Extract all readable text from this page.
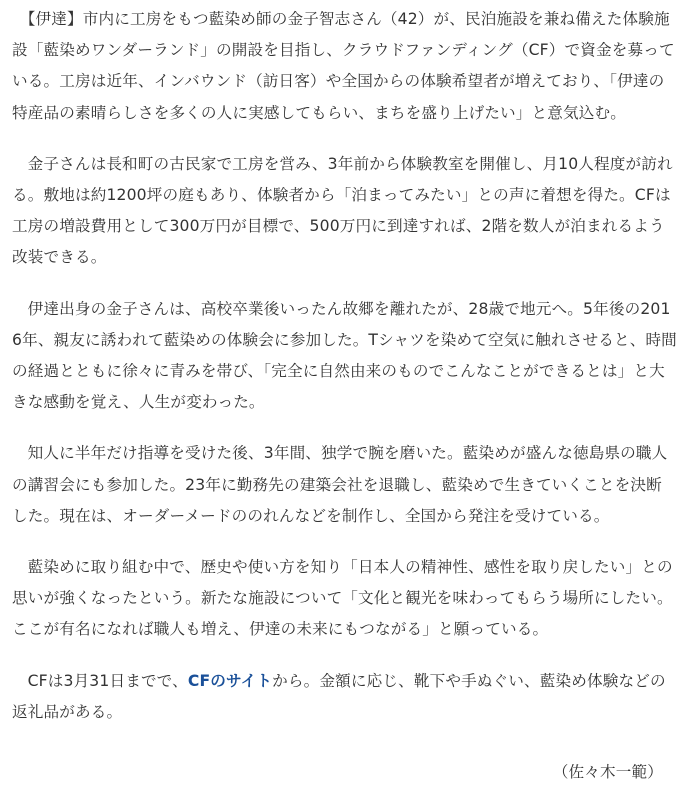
【伊達】市内に工房をもつ藍染め師の金子智志さん（42）が、民泊施設を兼ね備えた体験施設「藍染めワンダーランド」の開設を目指し、クラウドファンディング（CF）で資金を募っている。工房は近年、インバウンド（訪日客）や全国からの体験希望者が増えており、「伊達の特産品の素晴らしさを多くの人に実感してもらい、まちを盛り上げたい」と意気込む。

金子さんは長和町の古民家で工房を営み、3年前から体験教室を開催し、月10人程度が訪れる。敷地は約1200坪の庭もあり、体験者から「泊まってみたい」との声に着想を得た。CFは工房の増設費用として300万円が目標で、500万円に到達すれば、2階を数人が泊まれるよう改装できる。

伊達出身の金子さんは、高校卒業後いったん故郷を離れたが、28歳で地元へ。5年後の2016年、親友に誘われて藍染めの体験会に参加した。Tシャツを染めて空気に触れさせると、時間の経過とともに徐々に青みを帯び、「完全に自然由来のものでこんなことができるとは」と大きな感動を覚え、人生が変わった。

知人に半年だけ指導を受けた後、3年間、独学で腕を磨いた。藍染めが盛んな徳島県の職人の講習会にも参加した。23年に勤務先の建築会社を退職し、藍染めで生きていくことを決断した。現在は、オーダーメードののれんなどを制作し、全国から発注を受けている。

藍染めに取り組む中で、歴史や使い方を知り「日本人の精神性、感性を取り戻したい」との思いが強くなったという。新たな施設について「文化と観光を味わってもらう場所にしたい。ここが有名になれば職人も増え、伊達の未来にもつながる」と願っている。

CFは3月31日までで、CFのサイトから。金額に応じ、靴下や手ぬぐい、藍染め体験などの返礼品がある。

（佐々木一範）
